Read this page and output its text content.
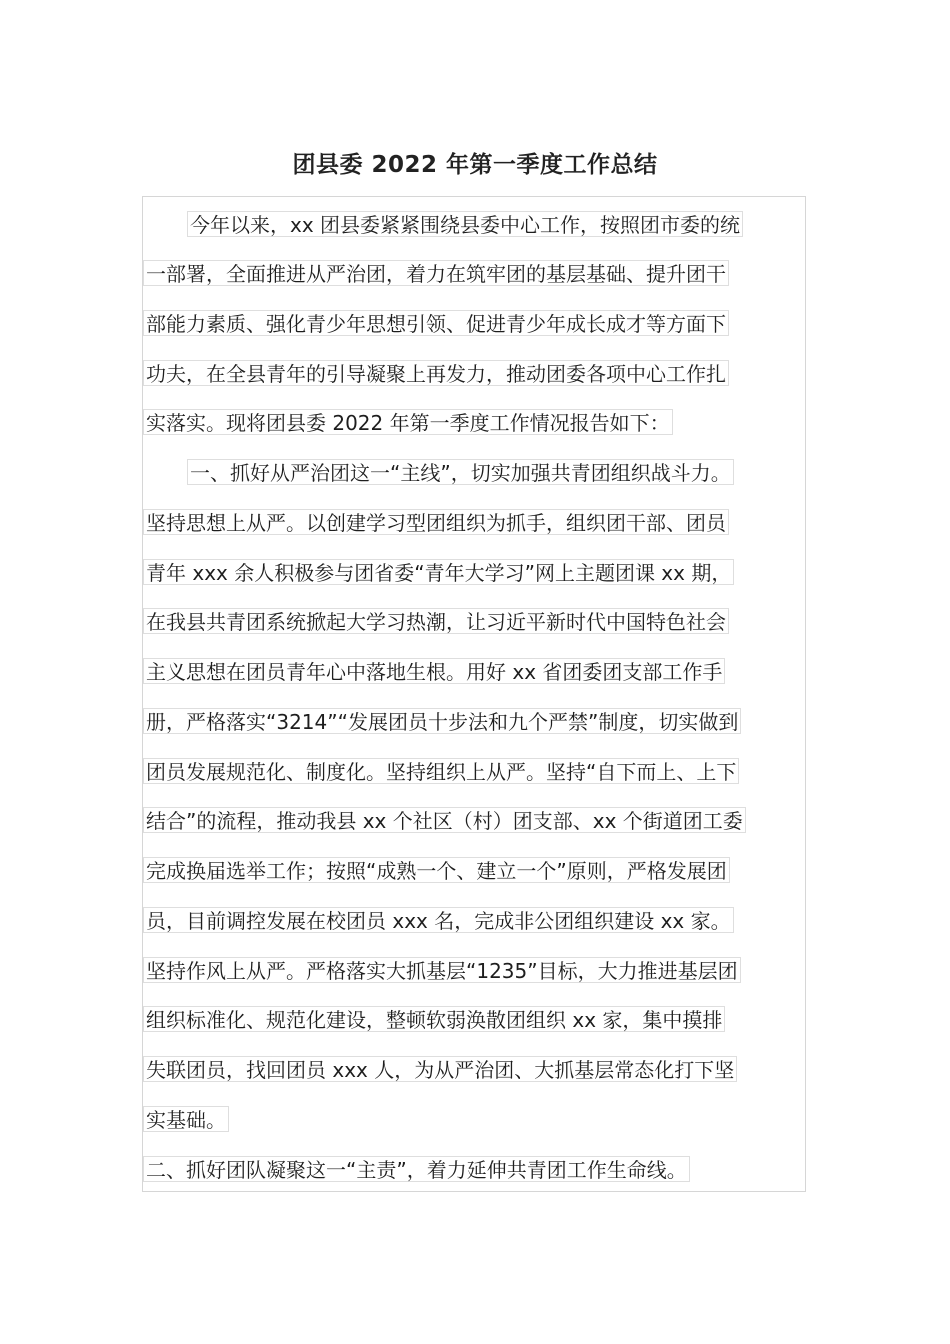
团县委 2022 年第一季度工作总结
今年以来，xx 团县委紧紧围绕县委中心工作，按照团市委的统
一部署，全面推进从严治团，着力在筑牢团的基层基础、提升团干
部能力素质、强化青少年思想引领、促进青少年成长成才等方面下
功夫，在全县青年的引导凝聚上再发力，推动团委各项中心工作扎
实落实。现将团县委 2022 年第一季度工作情况报告如下：
一、抓好从严治团这一“主线”，切实加强共青团组织战斗力。
坚持思想上从严。以创建学习型团组织为抓手，组织团干部、团员
青年 xxx 余人积极参与团省委“青年大学习”网上主题团课 xx 期，
在我县共青团系统掀起大学习热潮，让习近平新时代中国特色社会
主义思想在团员青年心中落地生根。用好 xx 省团委团支部工作手
册，严格落实“3214”“发展团员十步法和九个严禁”制度，切实做到
团员发展规范化、制度化。坚持组织上从严。坚持“自下而上、上下
结合”的流程，推动我县 xx 个社区（村）团支部、xx 个街道团工委
完成换届选举工作；按照“成熟一个、建立一个”原则，严格发展团
员，目前调控发展在校团员 xxx 名，完成非公团组织建设 xx 家。
坚持作风上从严。严格落实大抓基层“1235”目标，大力推进基层团
组织标准化、规范化建设，整顿软弱涣散团组织 xx 家，集中摸排
失联团员，找回团员 xxx 人，为从严治团、大抓基层常态化打下坚
实基础。
二、抓好团队凝聚这一“主责”，着力延伸共青团工作生命线。
